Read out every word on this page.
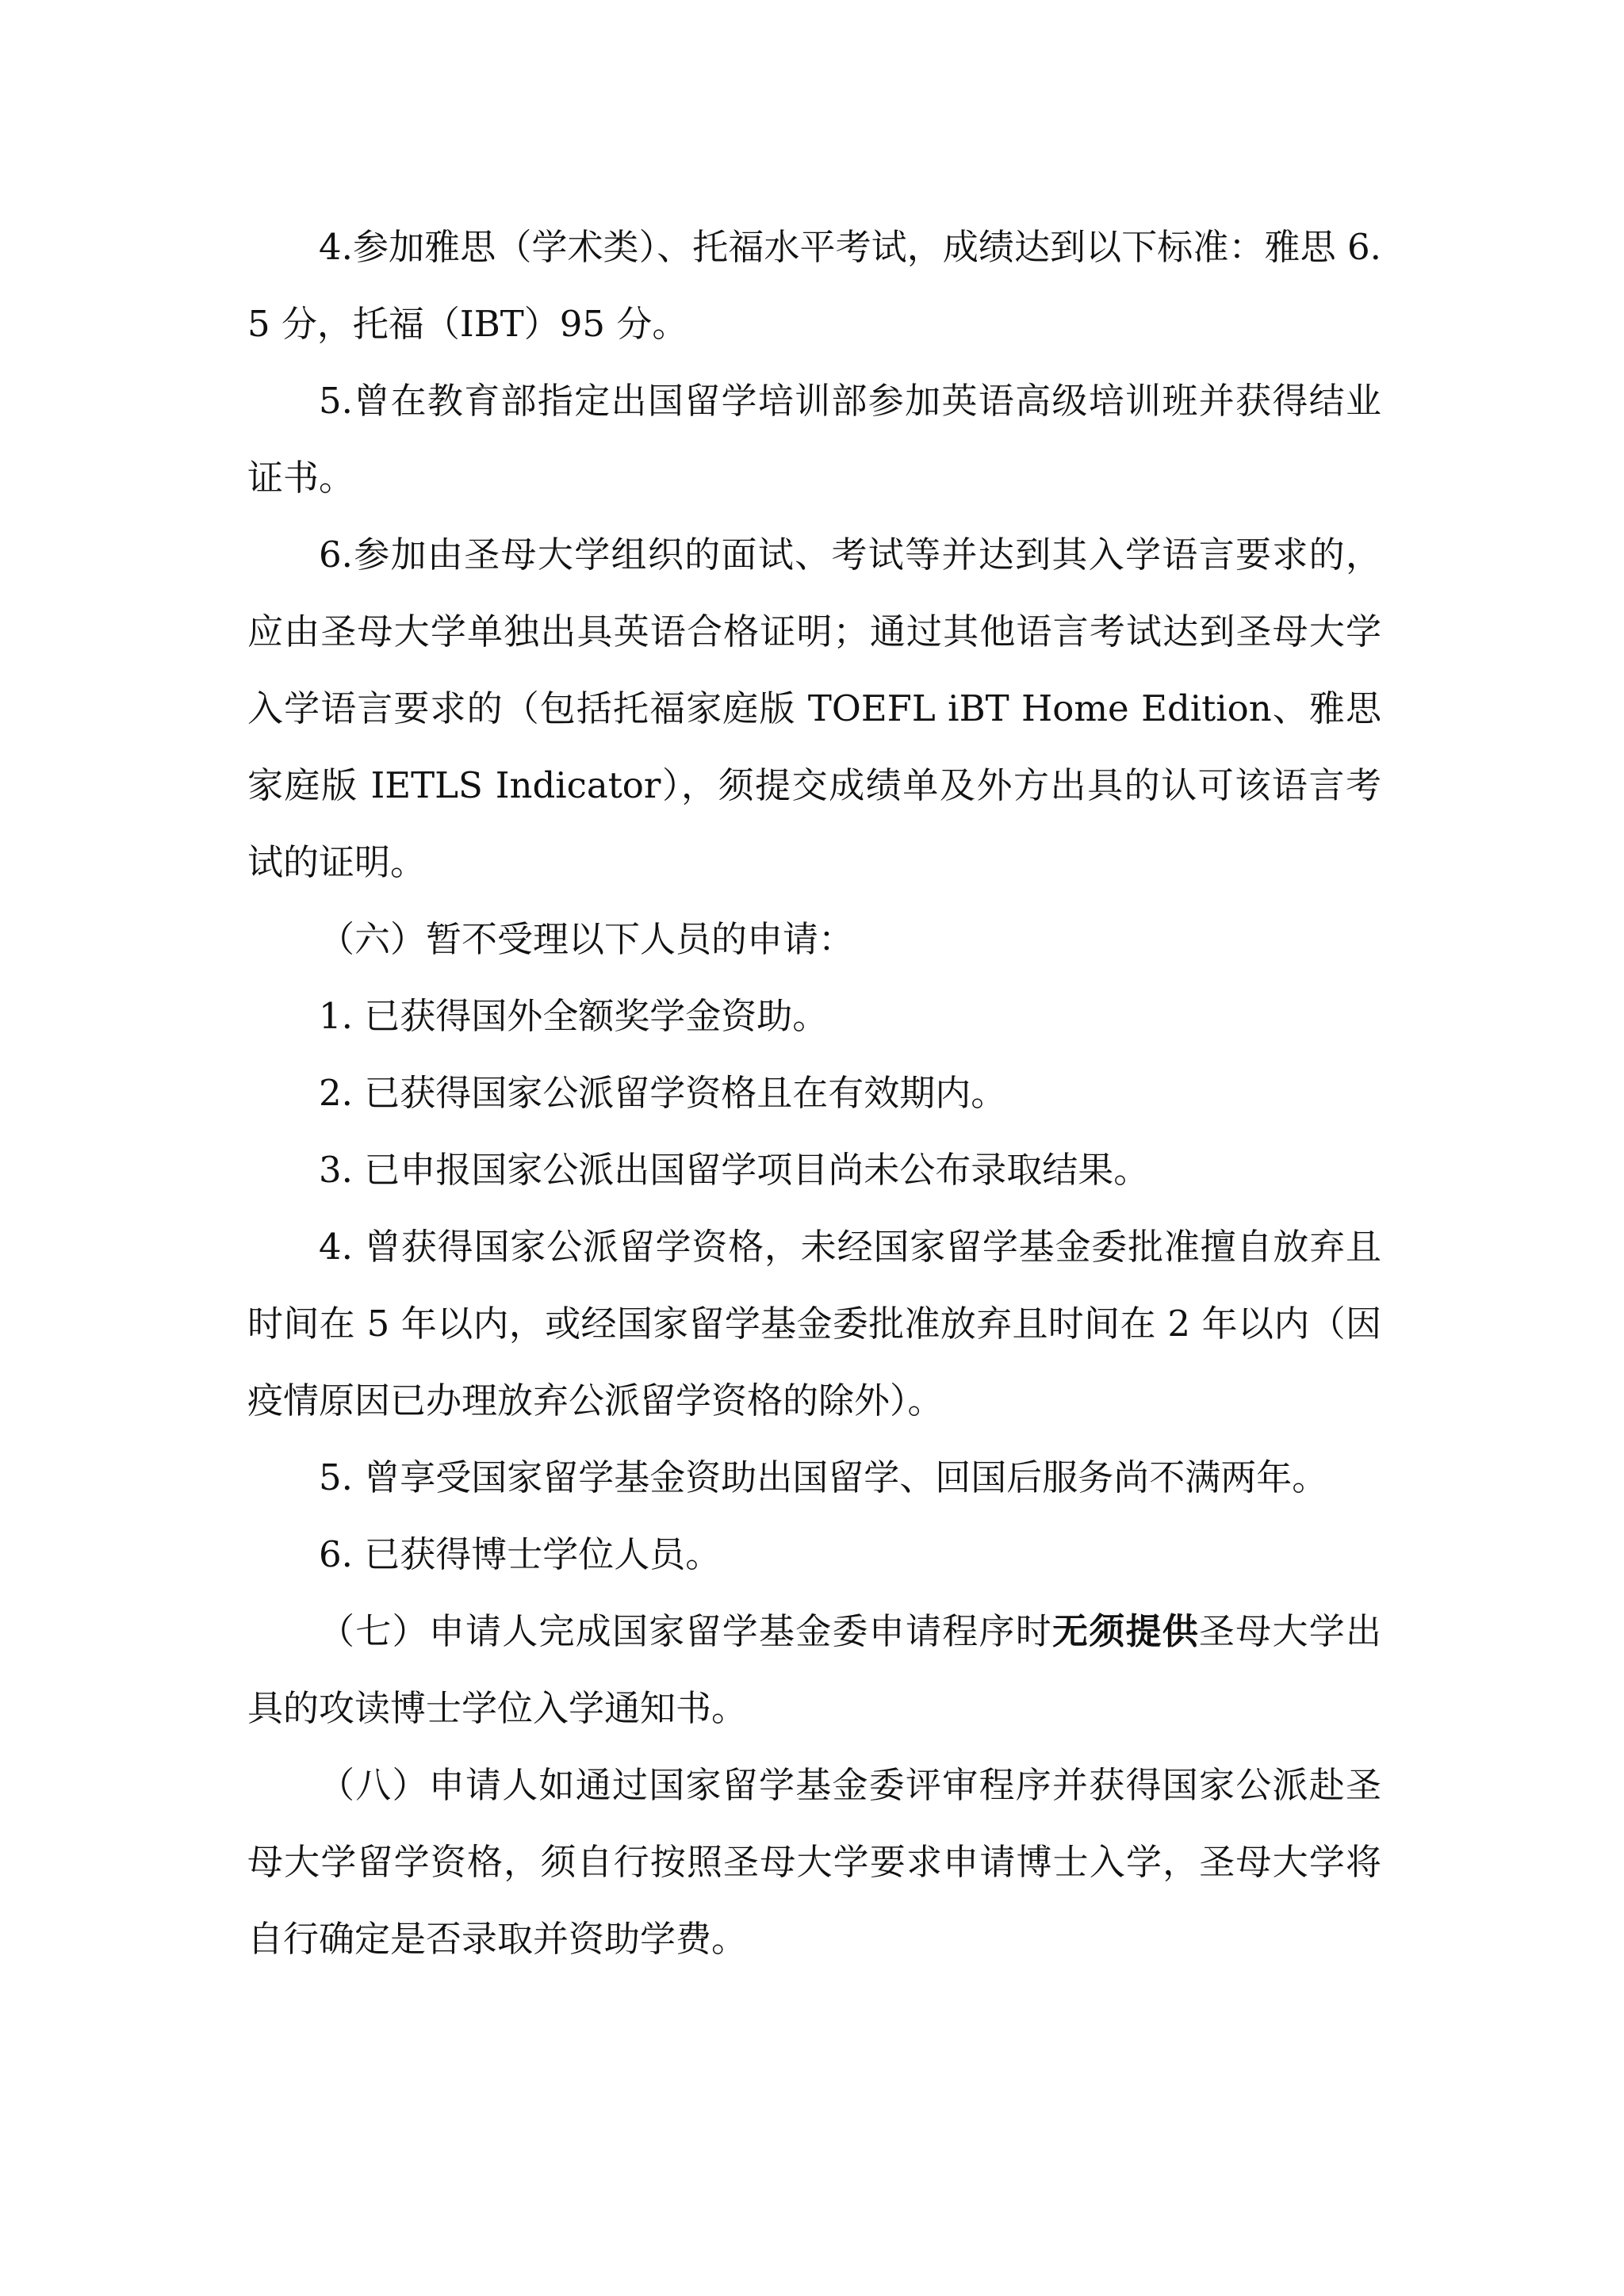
4.参加雅思（学术类）、托福水平考试，成绩达到以下标准：雅思 6.5 分，托福（IBT）95 分。

5.曾在教育部指定出国留学培训部参加英语高级培训班并获得结业证书。

6.参加由圣母大学组织的面试、考试等并达到其入学语言要求的，应由圣母大学单独出具英语合格证明；通过其他语言考试达到圣母大学入学语言要求的（包括托福家庭版 TOEFL iBT Home Edition、雅思家庭版 IETLS Indicator），须提交成绩单及外方出具的认可该语言考试的证明。

（六）暂不受理以下人员的申请：

1. 已获得国外全额奖学金资助。

2. 已获得国家公派留学资格且在有效期内。

3. 已申报国家公派出国留学项目尚未公布录取结果。

4. 曾获得国家公派留学资格，未经国家留学基金委批准擅自放弃且时间在 5 年以内，或经国家留学基金委批准放弃且时间在 2 年以内（因疫情原因已办理放弃公派留学资格的除外）。

5. 曾享受国家留学基金资助出国留学、回国后服务尚不满两年。

6. 已获得博士学位人员。

（七）申请人完成国家留学基金委申请程序时无须提供圣母大学出具的攻读博士学位入学通知书。

（八）申请人如通过国家留学基金委评审程序并获得国家公派赴圣母大学留学资格，须自行按照圣母大学要求申请博士入学，圣母大学将自行确定是否录取并资助学费。
